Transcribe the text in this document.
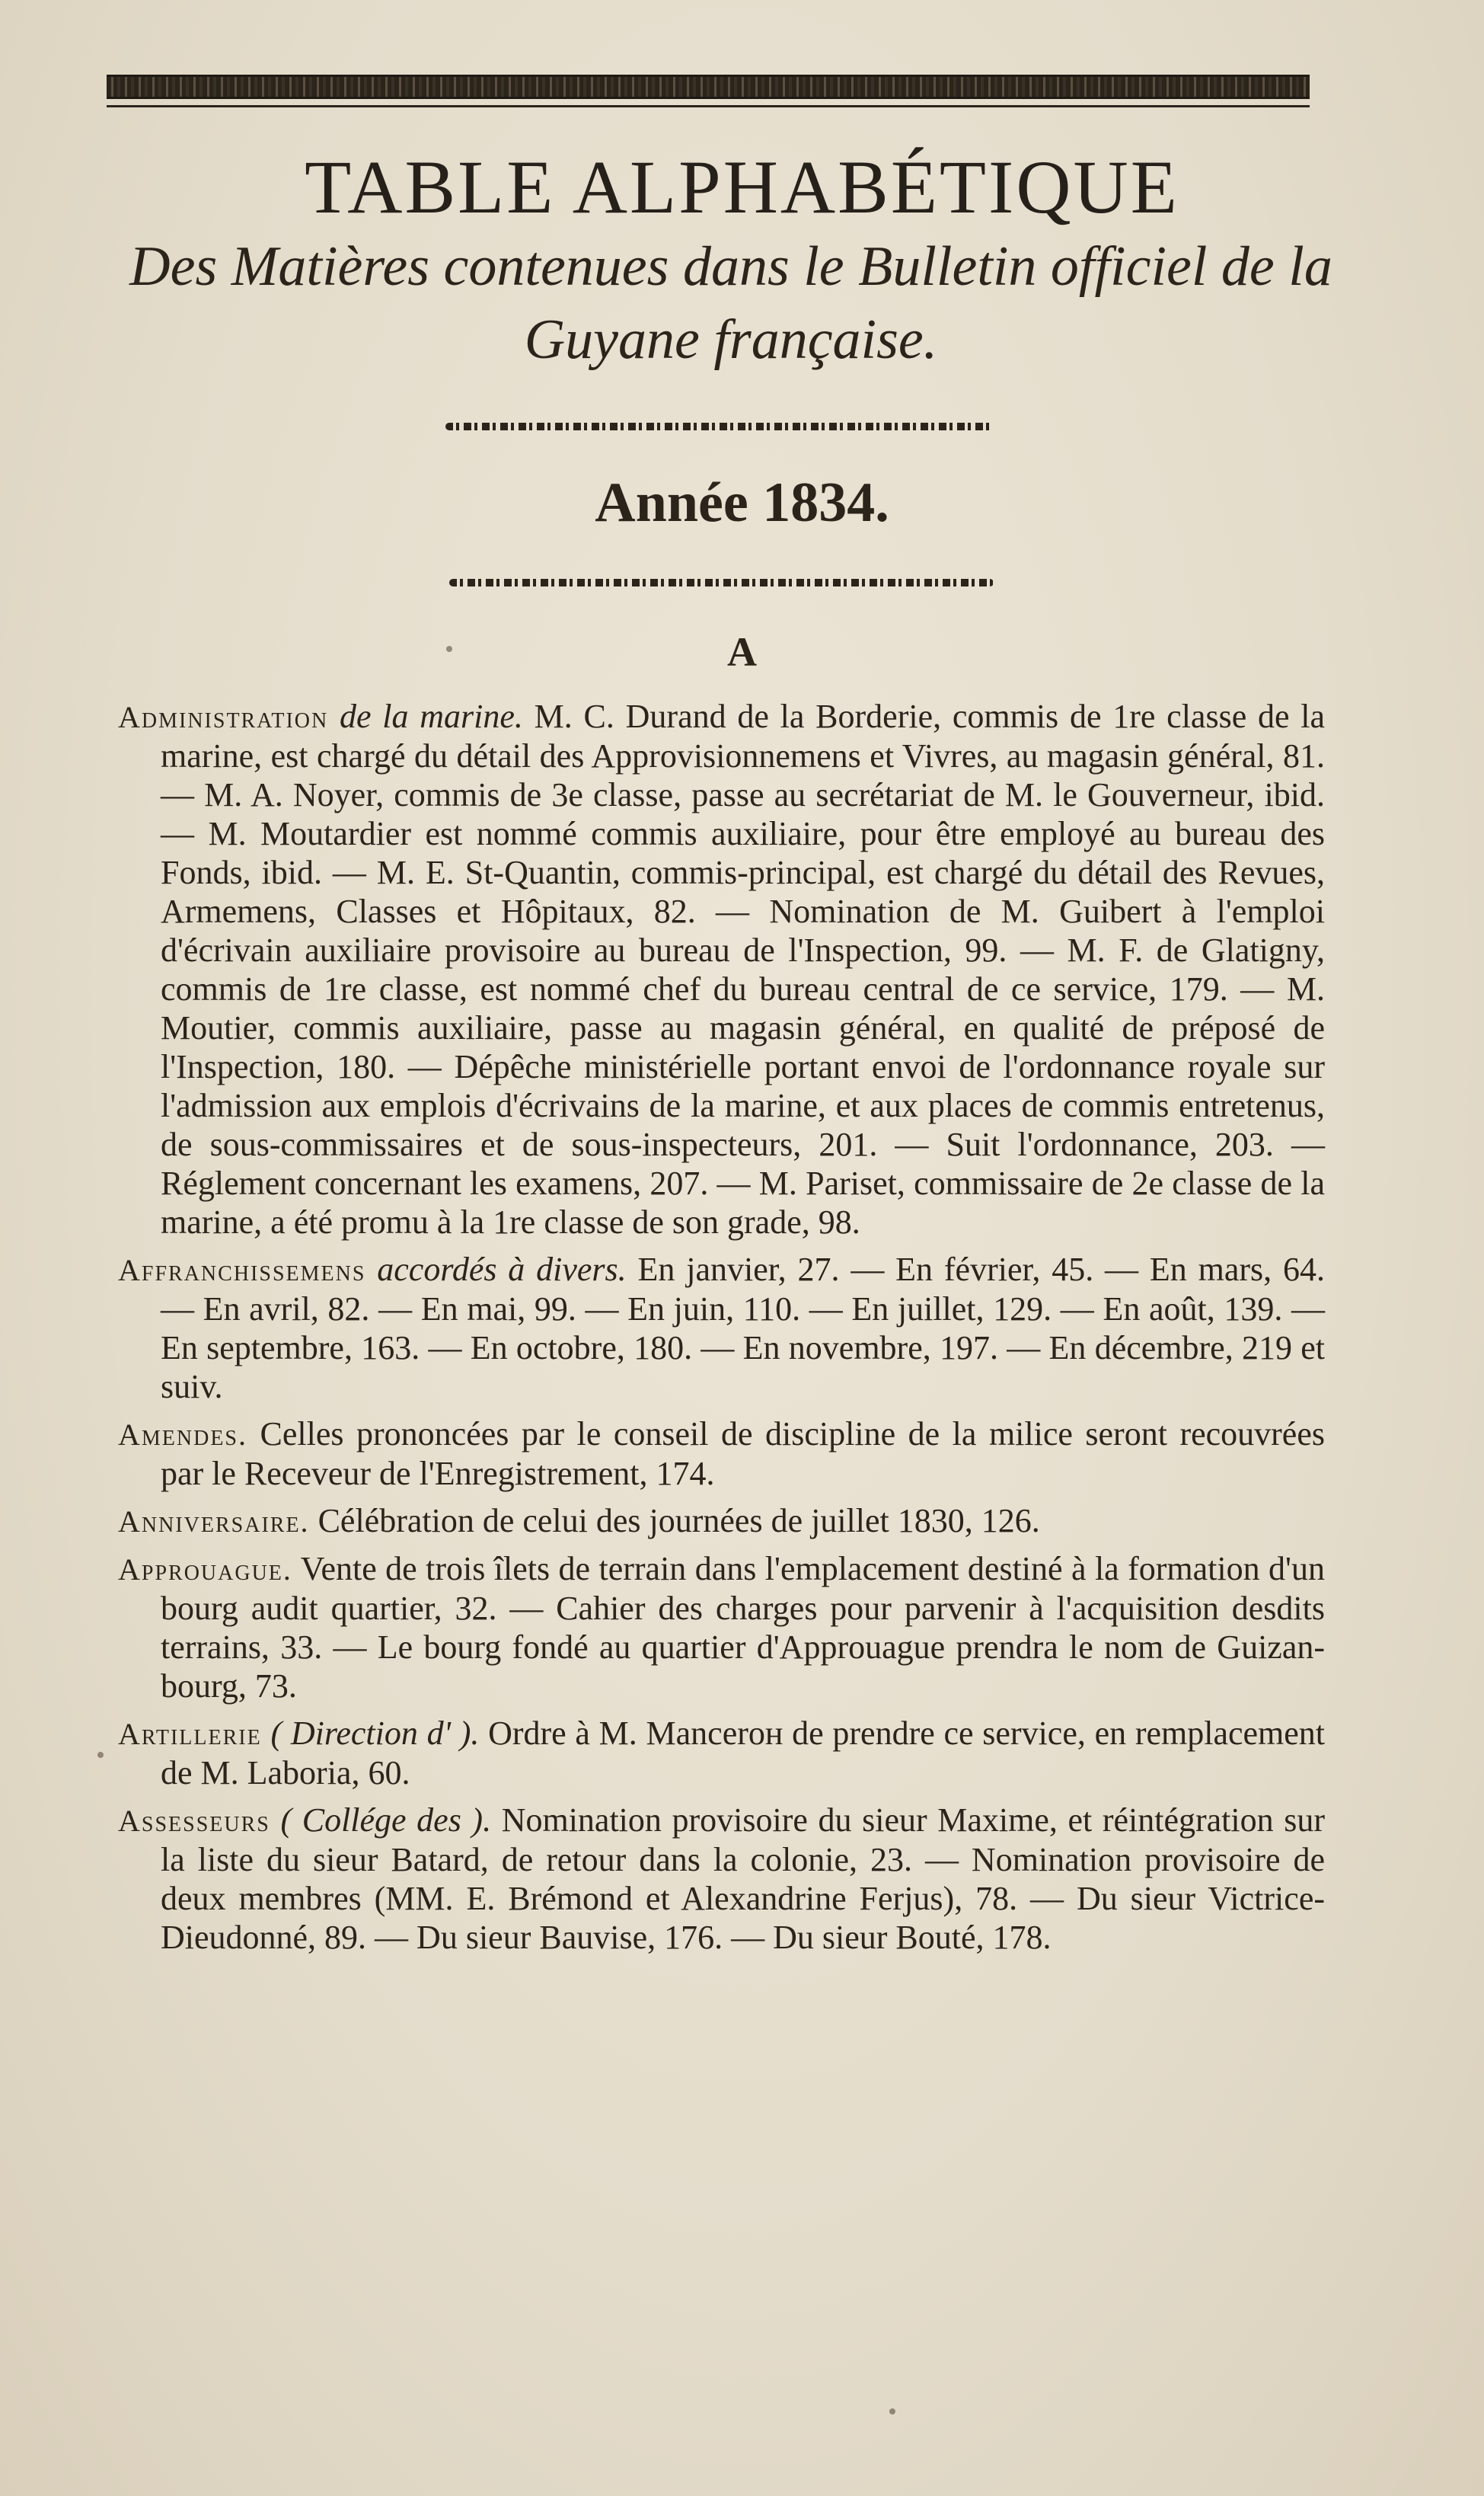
TABLE ALPHABÉTIQUE

Des Matières contenues dans le Bulletin officiel de la Guyane française.

Année 1834.
A

Administration de la marine. M. C. Durand de la Borderie, commis de 1re classe de la marine, est chargé du détail des Approvisionnemens et Vivres, au magasin général, 81. — M. A. Noyer, commis de 3e classe, passe au secrétariat de M. le Gouverneur, ibid. — M. Moutardier est nommé commis auxiliaire, pour être employé au bureau des Fonds, ibid. — M. E. St-Quantin, commis-principal, est chargé du détail des Revues, Armemens, Classes et Hôpitaux, 82. — Nomination de M. Guibert à l'emploi d'écrivain auxiliaire provisoire au bureau de l'Inspection, 99. — M. F. de Glatigny, commis de 1re classe, est nommé chef du bureau central de ce service, 179. — M. Moutier, commis auxiliaire, passe au magasin général, en qualité de préposé de l'Inspection, 180. — Dépêche ministérielle portant envoi de l'ordonnance royale sur l'admission aux emplois d'écrivains de la marine, et aux places de commis entretenus, de sous-commissaires et de sous-inspecteurs, 201. — Suit l'ordonnance, 203. — Réglement concernant les examens, 207. — M. Pariset, commissaire de 2e classe de la marine, a été promu à la 1re classe de son grade, 98.

Affranchissemens accordés à divers. En janvier, 27. — En février, 45. — En mars, 64. — En avril, 82. — En mai, 99. — En juin, 110. — En juillet, 129. — En août, 139. — En septembre, 163. — En octobre, 180. — En novembre, 197. — En décembre, 219 et suiv.

Amendes. Celles prononcées par le conseil de discipline de la milice seront recouvrées par le Receveur de l'Enregistrement, 174.

Anniversaire. Célébration de celui des journées de juillet 1830, 126.

Approuague. Vente de trois îlets de terrain dans l'emplacement destiné à la formation d'un bourg audit quartier, 32. — Cahier des charges pour parvenir à l'acquisition desdits terrains, 33. — Le bourg fondé au quartier d'Approuague prendra le nom de Guizan-bourg, 73.

Artillerie ( Direction d' ). Ordre à M. Mancerон de prendre ce service, en remplacement de M. Laboria, 60.

Assesseurs ( Collége des ). Nomination provisoire du sieur Maxime, et réintégration sur la liste du sieur Batard, de retour dans la colonie, 23. — Nomination provisoire de deux membres (MM. E. Brémond et Alexandrine Ferjus), 78. — Du sieur Victrice-Dieudonné, 89. — Du sieur Bauvise, 176. — Du sieur Bouté, 178.
